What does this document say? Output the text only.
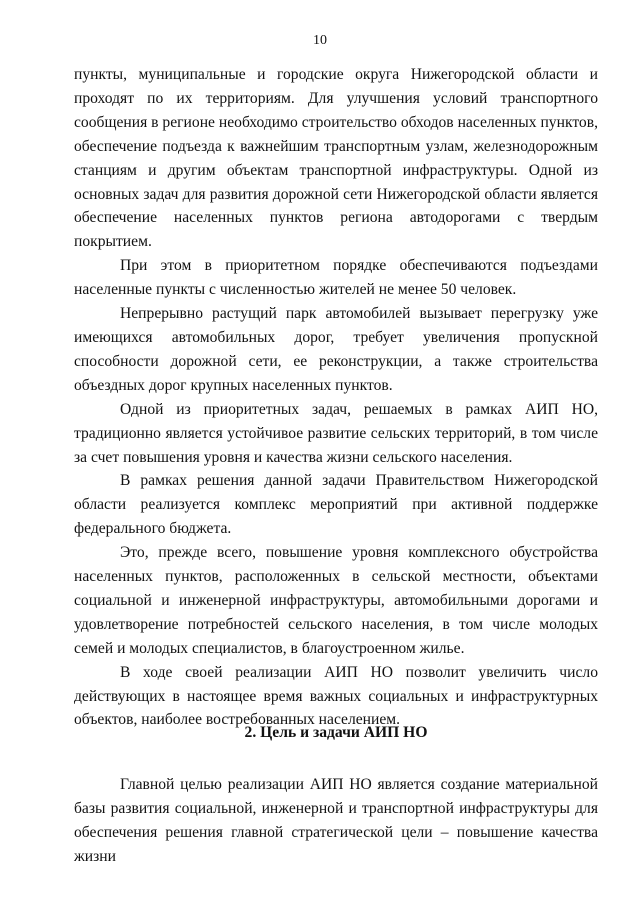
10

пункты, муниципальные и городские округа Нижегородской области и проходят по их территориям. Для улучшения условий транспортного сообщения в регионе необходимо строительство обходов населенных пунктов, обеспечение подъезда к важнейшим транспортным узлам, железнодорожным станциям и другим объектам транспортной инфраструктуры. Одной из основных задач для развития дорожной сети Нижегородской области является обеспечение населенных пунктов региона автодорогами с твердым покрытием.

При этом в приоритетном порядке обеспечиваются подъездами населенные пункты с численностью жителей не менее 50 человек.

Непрерывно растущий парк автомобилей вызывает перегрузку уже имеющихся автомобильных дорог, требует увеличения пропускной способности дорожной сети, ее реконструкции, а также строительства объездных дорог крупных населенных пунктов.

Одной из приоритетных задач, решаемых в рамках АИП НО, традиционно является устойчивое развитие сельских территорий, в том числе за счет повышения уровня и качества жизни сельского населения.

В рамках решения данной задачи Правительством Нижегородской области реализуется комплекс мероприятий при активной поддержке федерального бюджета.

Это, прежде всего, повышение уровня комплексного обустройства населенных пунктов, расположенных в сельской местности, объектами социальной и инженерной инфраструктуры, автомобильными дорогами и удовлетворение потребностей сельского населения, в том числе молодых семей и молодых специалистов, в благоустроенном жилье.

В ходе своей реализации АИП НО позволит увеличить число действующих в настоящее время важных социальных и инфраструктурных объектов, наиболее востребованных населением.

2. Цель и задачи АИП НО

Главной целью реализации АИП НО является создание материальной базы развития социальной, инженерной и транспортной инфраструктуры для обеспечения решения главной стратегической цели – повышение качества жизни
